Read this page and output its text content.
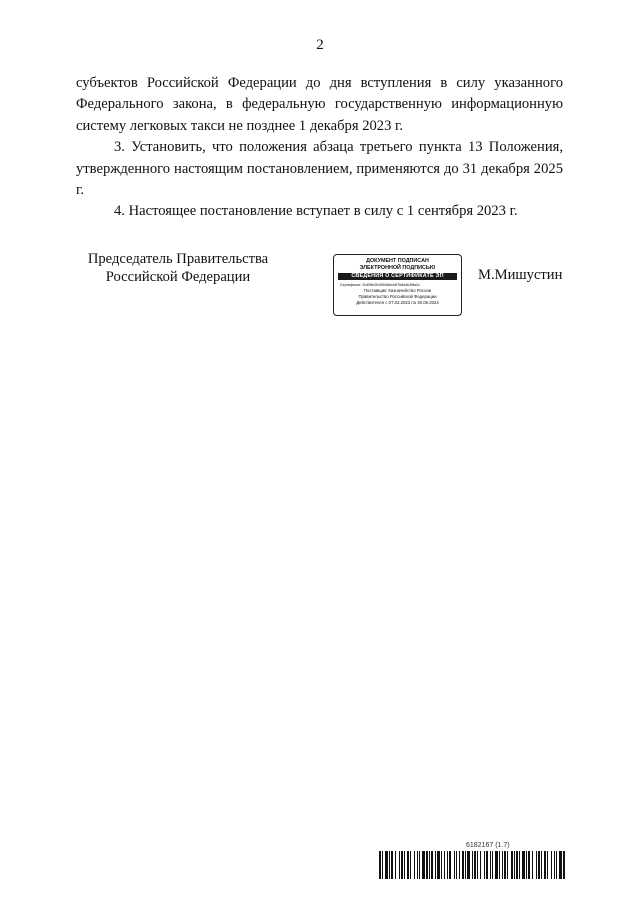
2

субъектов Российской Федерации до дня вступления в силу указанного Федерального закона, в федеральную государственную информационную систему легковых такси не позднее 1 декабря 2023 г.

3. Установить, что положения абзаца третьего пункта 13 Положения, утвержденного настоящим постановлением, применяются до 31 декабря 2025 г.

4. Настоящее постановление вступает в силу с 1 сентября 2023 г.

Председатель Правительства
Российской Федерации
ДОКУМЕНТ ПОДПИСАН
ЭЛЕКТРОННОЙ ПОДПИСЬЮ
СВЕДЕНИЯ О СЕРТИФИКАТЕ ЭП
Сертификат: 2b4f9fe2fc90f4d6e4df7b8a4b3f8a2c
Поставщик: Казначейство России
Правительство Российской Федерации
Действителен с 07.03.2023 по 30.05.2024
М.Мишустин
6182167 (1.7)
